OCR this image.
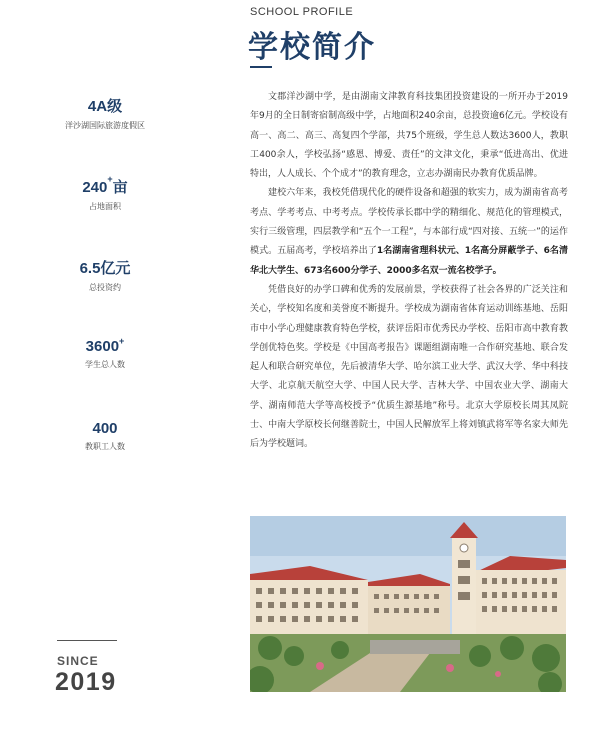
SCHOOL PROFILE
学校简介
4A级
洋沙湖国际旅游度假区
240+亩
占地面积
6.5亿元
总投资约
3600+
学生总人数
400
教职工人数

文郡洋沙湖中学，是由湖南文津教育科技集团投资建设的一所开办于2019年9月的全日制寄宿制高级中学，占地面积240余亩，总投资逾6亿元。学校设有高一、高二、高三、高复四个学部，共75个班级，学生总人数达3600人，教职工400余人，学校弘扬“感恩、博爱、责任”的文津文化，秉承“低进高出、优进特出，人人成长、个个成才”的教育理念，立志办湖南民办教育优质品牌。

建校六年来，我校凭借现代化的硬件设备和超强的软实力，成为湖南省高考考点、学考考点、中考考点。学校传承长郡中学的精细化、规范化的管理模式，实行三级管理，四层教学和“五个一工程”，与本部行成“四对接、五统一”的运作模式。五届高考，学校培养出了1名湖南省理科状元、1名高分屏蔽学子、6名清华北大学生、673名600分学子、2000多名双一流名校学子。

凭借良好的办学口碑和优秀的发展前景，学校获得了社会各界的广泛关注和关心，学校知名度和美誉度不断提升。学校成为湖南省体育运动训练基地、岳阳市中小学心理健康教育特色学校，获评岳阳市优秀民办学校、岳阳市高中教育教学创优特色奖。学校是《中国高考报告》课题组湖南唯一合作研究基地、联合发起人和联合研究单位，先后被清华大学、哈尔滨工业大学、武汉大学、华中科技大学、北京航天航空大学、中国人民大学、吉林大学、中国农业大学、湖南大学、湖南师范大学等高校授予“优质生源基地”称号。北京大学原校长周其凤院士、中南大学原校长何继善院士，中国人民解放军上将刘镇武将军等名家大师先后为学校题词。

SINCE
2019
